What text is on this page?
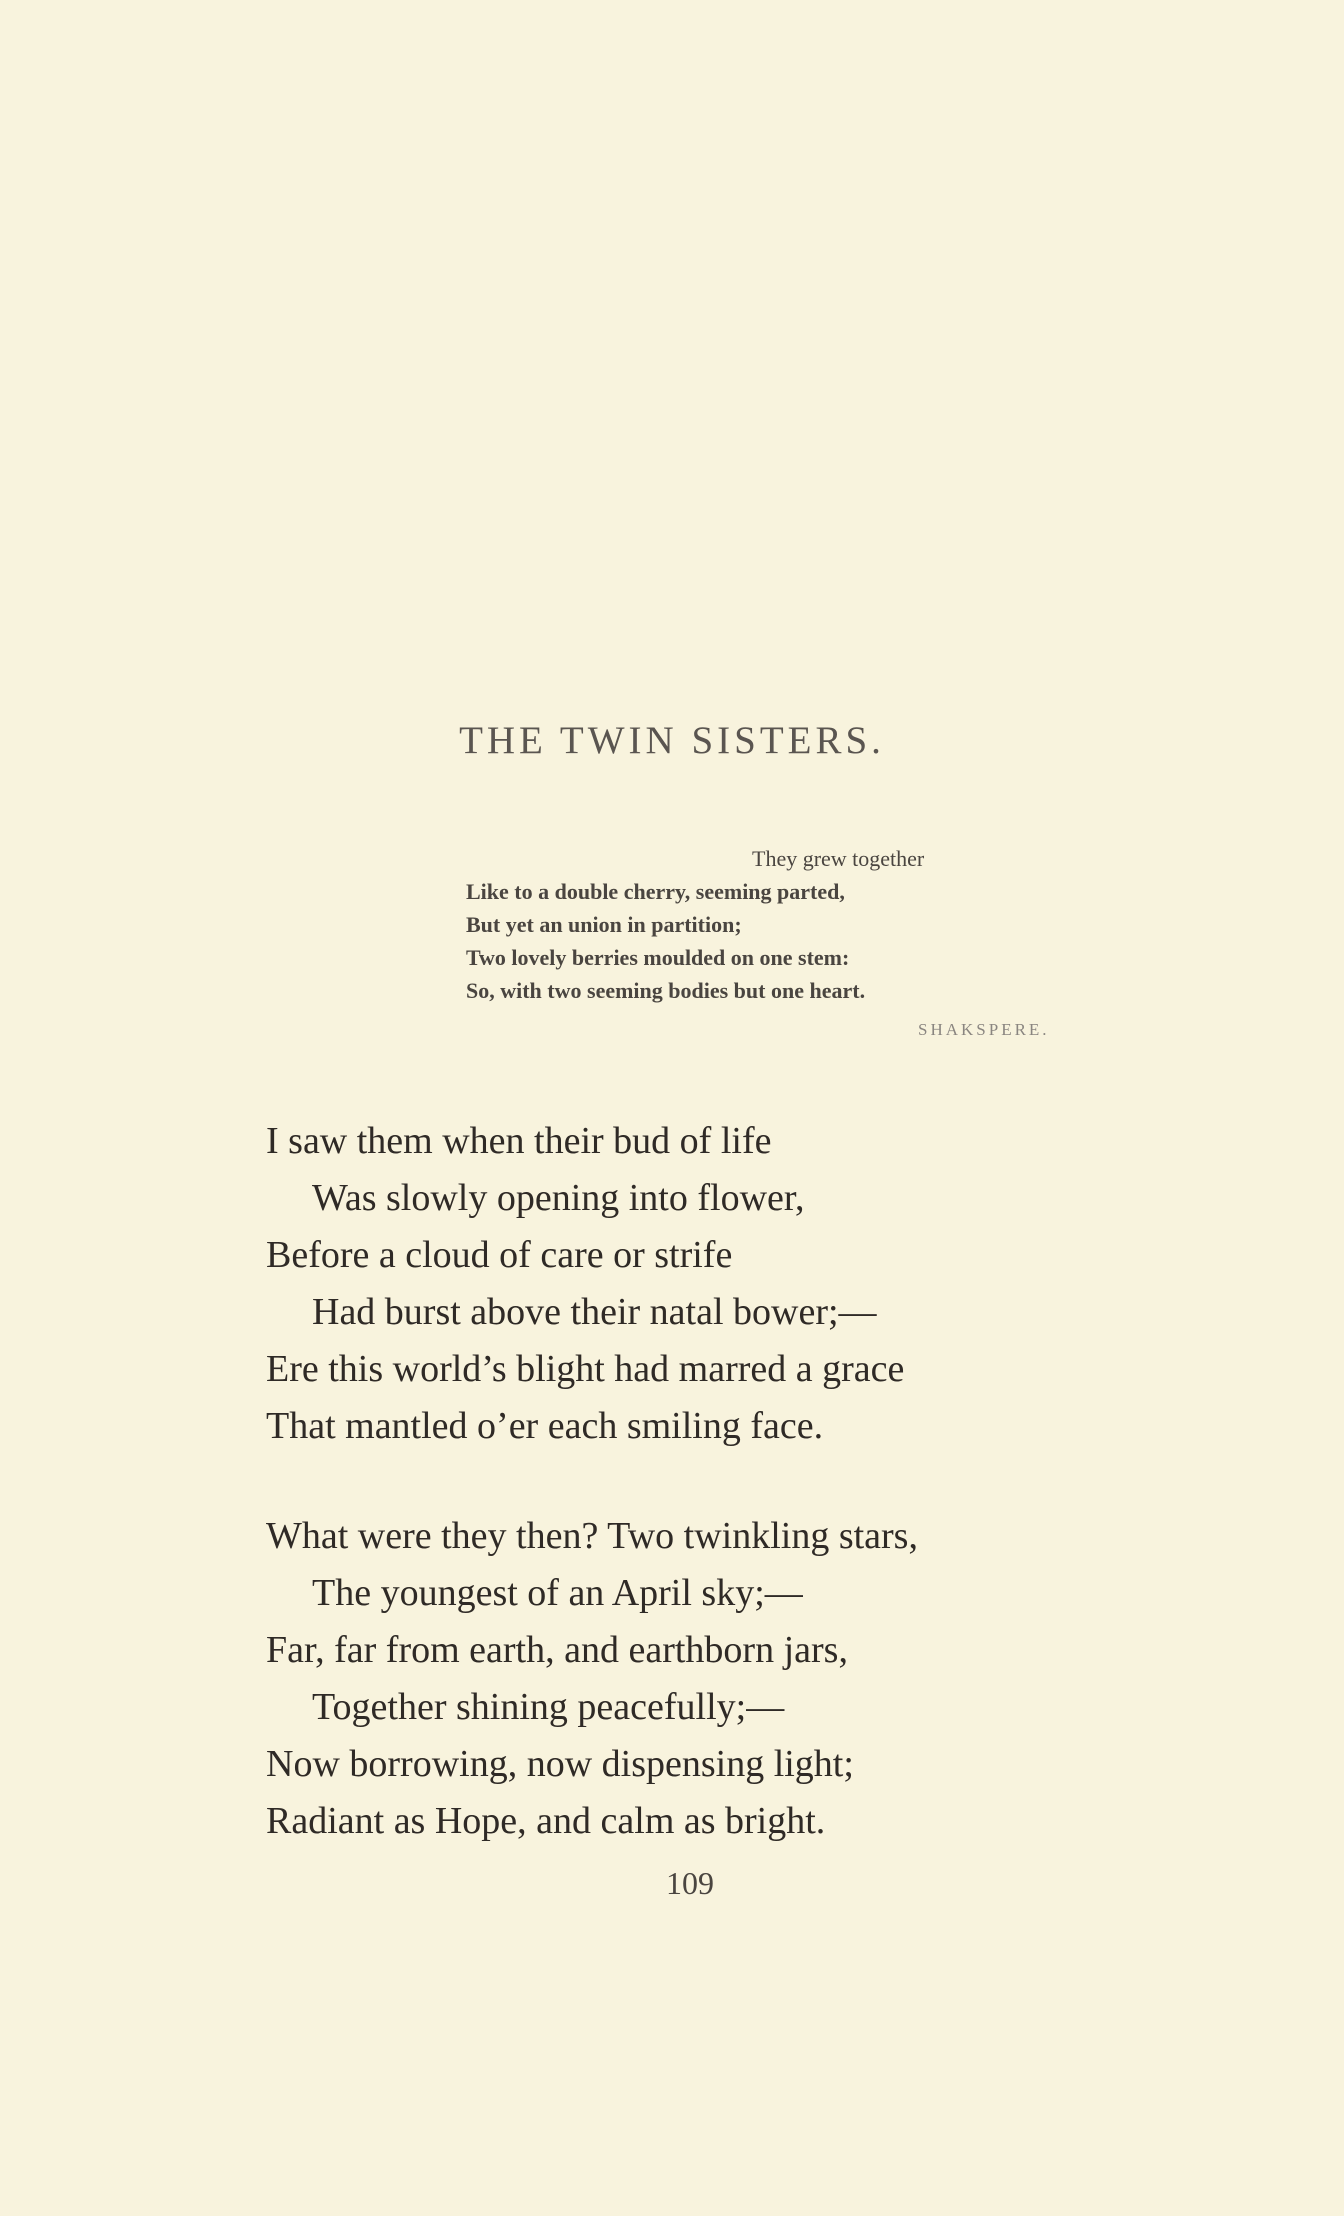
THE TWIN SISTERS.
They grew together
Like to a double cherry, seeming parted,
But yet an union in partition;
Two lovely berries moulded on one stem:
So, with two seeming bodies but one heart.
SHAKSPERE.
I saw them when their bud of life
Was slowly opening into flower,
Before a cloud of care or strife
Had burst above their natal bower;—
Ere this world’s blight had marred a grace
That mantled o’er each smiling face.
What were they then? Two twinkling stars,
The youngest of an April sky;—
Far, far from earth, and earthborn jars,
Together shining peacefully;—
Now borrowing, now dispensing light;
Radiant as Hope, and calm as bright.
109
